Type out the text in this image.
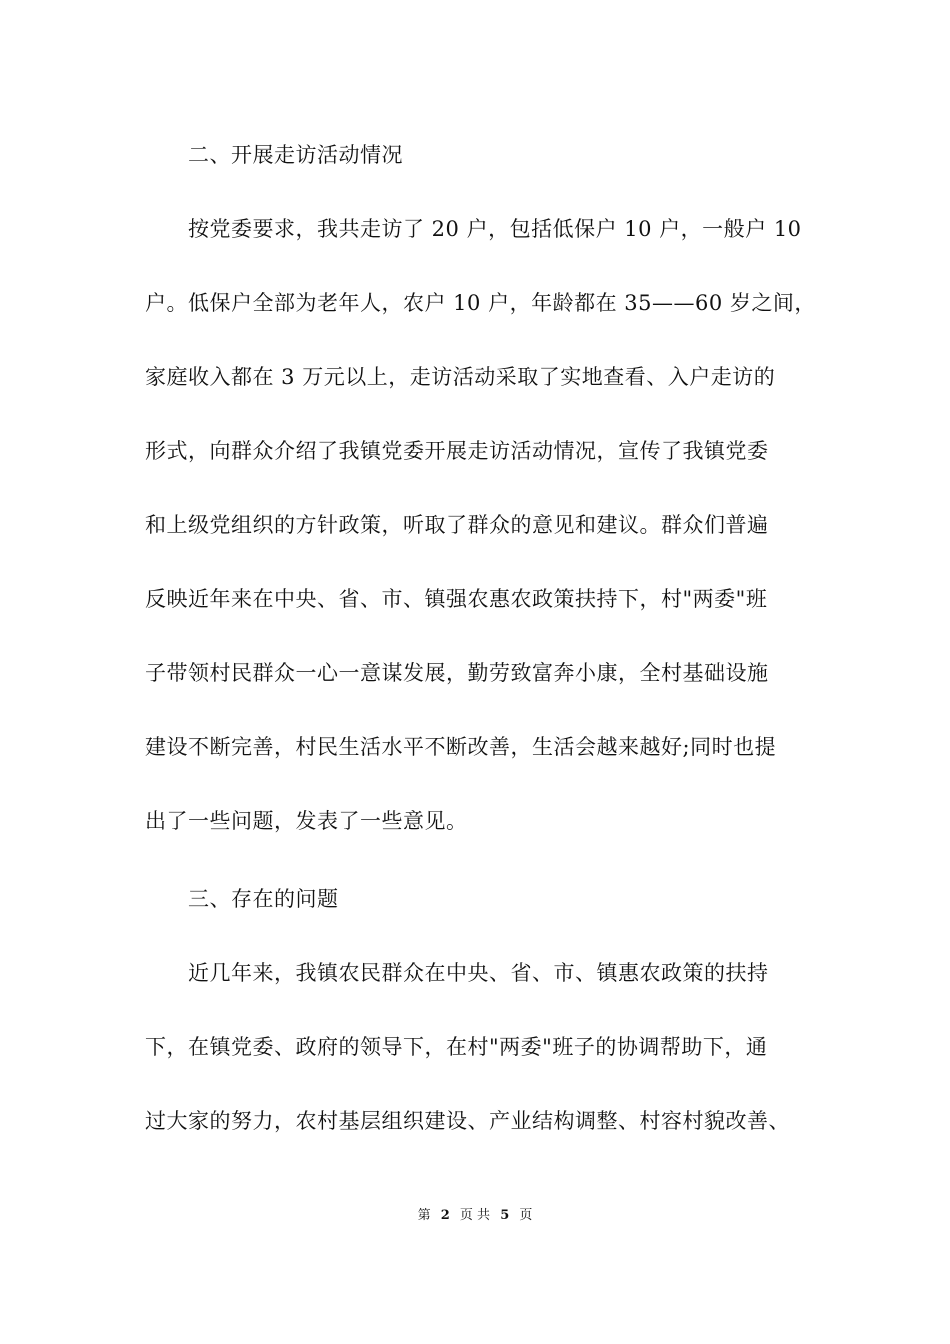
二、开展走访活动情况
按党委要求，我共走访了 20 户，包括低保户 10 户，一般户 10
户。低保户全部为老年人，农户 10 户，年龄都在 35——60 岁之间，
家庭收入都在 3 万元以上，走访活动采取了实地查看、入户走访的
形式，向群众介绍了我镇党委开展走访活动情况，宣传了我镇党委
和上级党组织的方针政策，听取了群众的意见和建议。群众们普遍
反映近年来在中央、省、市、镇强农惠农政策扶持下，村"两委"班
子带领村民群众一心一意谋发展，勤劳致富奔小康，全村基础设施
建设不断完善，村民生活水平不断改善，生活会越来越好;同时也提
出了一些问题，发表了一些意见。
三、存在的问题
近几年来，我镇农民群众在中央、省、市、镇惠农政策的扶持
下，在镇党委、政府的领导下，在村"两委"班子的协调帮助下，通
过大家的努力，农村基层组织建设、产业结构调整、村容村貌改善、
第 2 页 共 5 页
